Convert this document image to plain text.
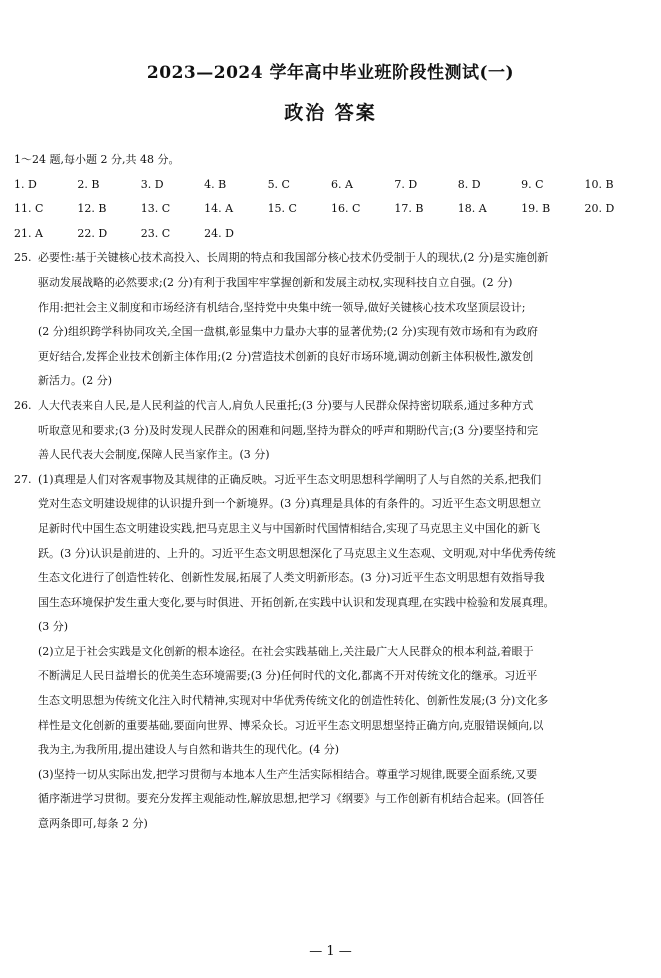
2023—2024 学年高中毕业班阶段性测试(一)
政治 答案
1～24 题,每小题 2 分,共 48 分。
1. D	2. B	3. D	4. B	5. C	6. A	7. D	8. D	9. C	10. B
11. C	12. B	13. C	14. A	15. C	16. C	17. B	18. A	19. B	20. D
21. A	22. D	23. C	24. D
25. 必要性:基于关键核心技术高投入、长周期的特点和我国部分核心技术仍受制于人的现状,(2 分)是实施创新
驱动发展战略的必然要求;(2 分)有利于我国牢牢掌握创新和发展主动权,实现科技自立自强。(2 分)
作用:把社会主义制度和市场经济有机结合,坚持党中央集中统一领导,做好关键核心技术攻坚顶层设计;
(2 分)组织跨学科协同攻关,全国一盘棋,彰显集中力量办大事的显著优势;(2 分)实现有效市场和有为政府
更好结合,发挥企业技术创新主体作用;(2 分)营造技术创新的良好市场环境,调动创新主体积极性,激发创
新活力。(2 分)
26. 人大代表来自人民,是人民利益的代言人,肩负人民重托;(3 分)要与人民群众保持密切联系,通过多种方式
听取意见和要求;(3 分)及时发现人民群众的困难和问题,坚持为群众的呼声和期盼代言;(3 分)要坚持和完
善人民代表大会制度,保障人民当家作主。(3 分)
27. (1)真理是人们对客观事物及其规律的正确反映。习近平生态文明思想科学阐明了人与自然的关系,把我们
党对生态文明建设规律的认识提升到一个新境界。(3 分)真理是具体的有条件的。习近平生态文明思想立
足新时代中国生态文明建设实践,把马克思主义与中国新时代国情相结合,实现了马克思主义中国化的新飞
跃。(3 分)认识是前进的、上升的。习近平生态文明思想深化了马克思主义生态观、文明观,对中华优秀传统
生态文化进行了创造性转化、创新性发展,拓展了人类文明新形态。(3 分)习近平生态文明思想有效指导我
国生态环境保护发生重大变化,要与时俱进、开拓创新,在实践中认识和发现真理,在实践中检验和发展真理。
(3 分)
(2)立足于社会实践是文化创新的根本途径。在社会实践基础上,关注最广大人民群众的根本利益,着眼于
不断满足人民日益增长的优美生态环境需要;(3 分)任何时代的文化,都离不开对传统文化的继承。习近平
生态文明思想为传统文化注入时代精神,实现对中华优秀传统文化的创造性转化、创新性发展;(3 分)文化多
样性是文化创新的重要基础,要面向世界、博采众长。习近平生态文明思想坚持正确方向,克服错误倾向,以
我为主,为我所用,提出建设人与自然和谐共生的现代化。(4 分)
(3)坚持一切从实际出发,把学习贯彻与本地本人生产生活实际相结合。尊重学习规律,既要全面系统,又要
循序渐进学习贯彻。要充分发挥主观能动性,解放思想,把学习《纲要》与工作创新有机结合起来。(回答任
意两条即可,每条 2 分)
— 1 —
